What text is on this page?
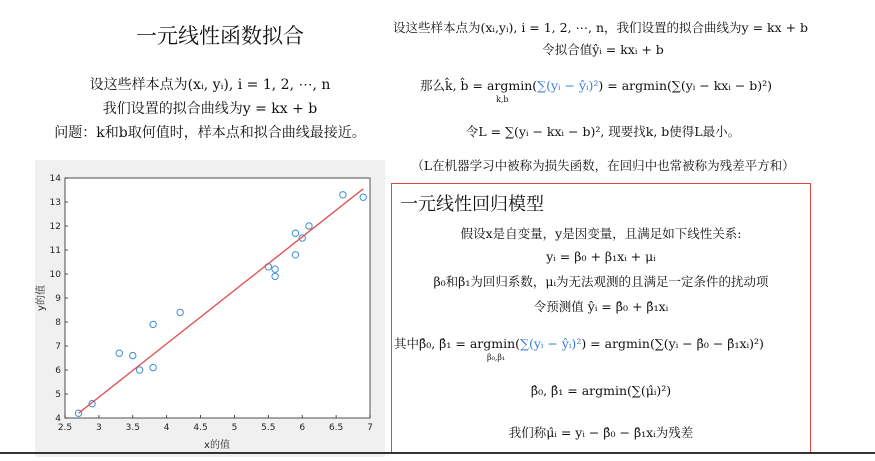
一元线性函数拟合
设这些样本点为(xᵢ, yᵢ), i = 1, 2, ⋯, n
我们设置的拟合曲线为y = kx + b
问题：k和b取何值时，样本点和拟合曲线最接近。
2.5	3	3.5	4	4.5	5	5.5	6	6.5	7
4
5
6
7
8
9
10
11
12
13
14
x的值
y的值
设这些样本点为(xᵢ,yᵢ), i = 1, 2, ⋯, n，我们设置的拟合曲线为y = kx + b
令拟合值ŷᵢ = kxᵢ + b
那么k̂, b̂ = argmin(∑(yᵢ − ŷᵢ)²) = argmin(∑(yᵢ − kxᵢ − b)²)
k,b
令L = ∑(yᵢ − kxᵢ − b)², 现要找k, b使得L最小。
（L在机器学习中被称为损失函数，在回归中也常被称为残差平方和）
一元线性回归模型
假设x是自变量，y是因变量，且满足如下线性关系:
yᵢ = β₀ + β₁xᵢ + μᵢ
β₀和β₁为回归系数，μᵢ为无法观测的且满足一定条件的扰动项
令预测值 ŷᵢ = β̂₀ + β̂₁xᵢ
其中β̂₀, β̂₁ = argmin(∑(yᵢ − ŷᵢ)²) = argmin(∑(yᵢ − β̂₀ − β̂₁xᵢ)²)
β₀,β₁
β̂₀, β̂₁ = argmin(∑(μ̂ᵢ)²)
我们称μ̂ᵢ = yᵢ − β̂₀ − β̂₁xᵢ为残差
